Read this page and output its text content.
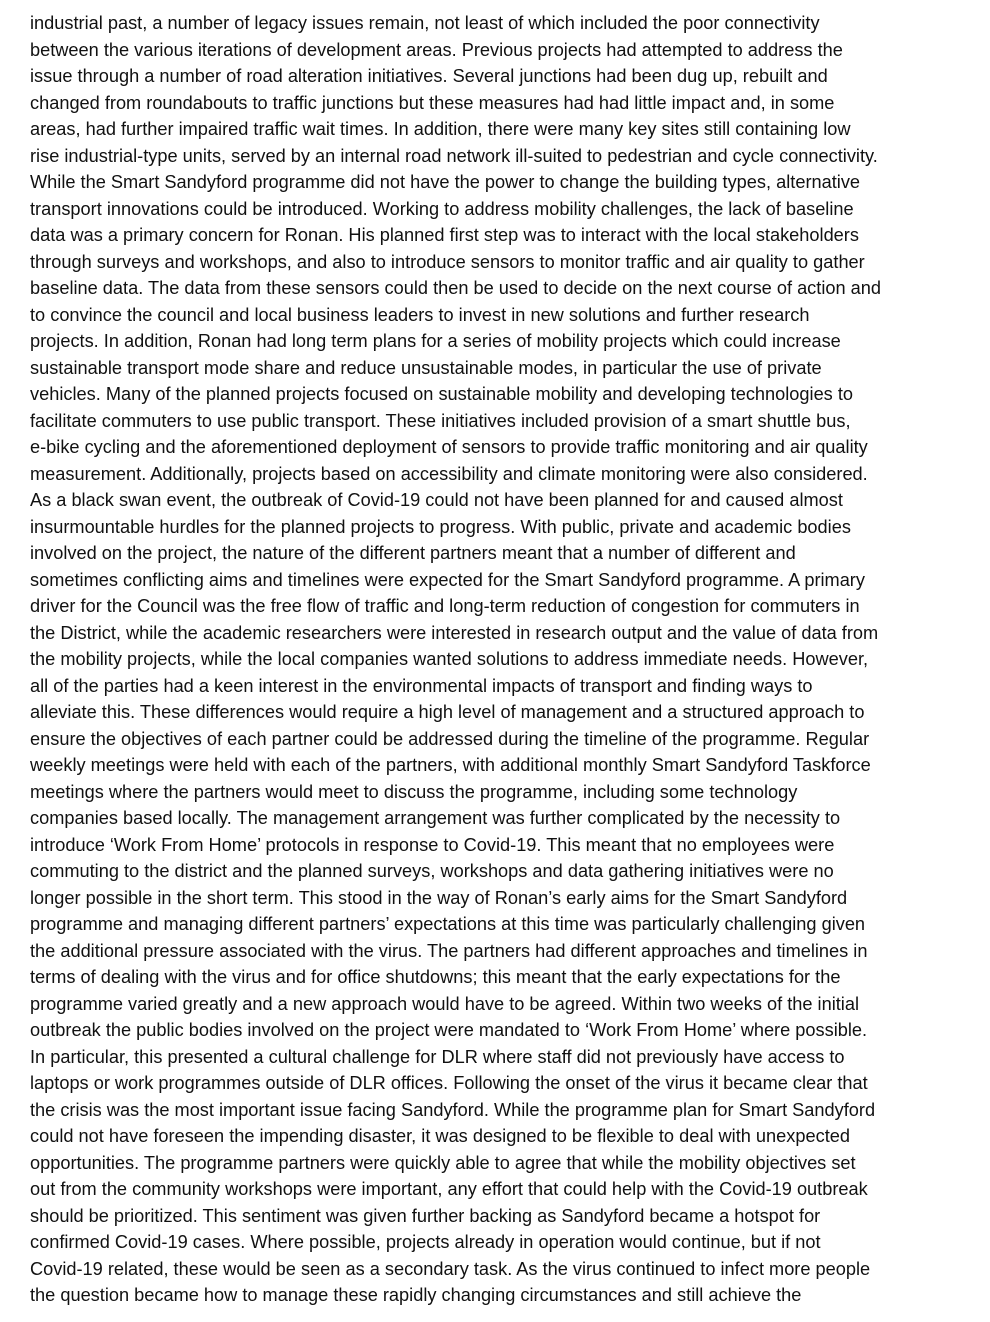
industrial past, a number of legacy issues remain, not least of which included the poor connectivity
between the various iterations of development areas. Previous projects had attempted to address the
issue through a number of road alteration initiatives. Several junctions had been dug up, rebuilt and
changed from roundabouts to traffic junctions but these measures had had little impact and, in some
areas, had further impaired traffic wait times. In addition, there were many key sites still containing low
rise industrial-type units, served by an internal road network ill-suited to pedestrian and cycle connectivity.
While the Smart Sandyford programme did not have the power to change the building types, alternative
transport innovations could be introduced. Working to address mobility challenges, the lack of baseline
data was a primary concern for Ronan. His planned first step was to interact with the local stakeholders
through surveys and workshops, and also to introduce sensors to monitor traffic and air quality to gather
baseline data. The data from these sensors could then be used to decide on the next course of action and
to convince the council and local business leaders to invest in new solutions and further research
projects. In addition, Ronan had long term plans for a series of mobility projects which could increase
sustainable transport mode share and reduce unsustainable modes, in particular the use of private
vehicles. Many of the planned projects focused on sustainable mobility and developing technologies to
facilitate commuters to use public transport. These initiatives included provision of a smart shuttle bus,
e-bike cycling and the aforementioned deployment of sensors to provide traffic monitoring and air quality
measurement. Additionally, projects based on accessibility and climate monitoring were also considered.
As a black swan event, the outbreak of Covid-19 could not have been planned for and caused almost
insurmountable hurdles for the planned projects to progress. With public, private and academic bodies
involved on the project, the nature of the different partners meant that a number of different and
sometimes conflicting aims and timelines were expected for the Smart Sandyford programme. A primary
driver for the Council was the free flow of traffic and long-term reduction of congestion for commuters in
the District, while the academic researchers were interested in research output and the value of data from
the mobility projects, while the local companies wanted solutions to address immediate needs. However,
all of the parties had a keen interest in the environmental impacts of transport and finding ways to
alleviate this. These differences would require a high level of management and a structured approach to
ensure the objectives of each partner could be addressed during the timeline of the programme. Regular
weekly meetings were held with each of the partners, with additional monthly Smart Sandyford Taskforce
meetings where the partners would meet to discuss the programme, including some technology
companies based locally. The management arrangement was further complicated by the necessity to
introduce ‘Work From Home’ protocols in response to Covid-19. This meant that no employees were
commuting to the district and the planned surveys, workshops and data gathering initiatives were no
longer possible in the short term. This stood in the way of Ronan’s early aims for the Smart Sandyford
programme and managing different partners’ expectations at this time was particularly challenging given
the additional pressure associated with the virus. The partners had different approaches and timelines in
terms of dealing with the virus and for office shutdowns; this meant that the early expectations for the
programme varied greatly and a new approach would have to be agreed. Within two weeks of the initial
outbreak the public bodies involved on the project were mandated to ‘Work From Home’ where possible.
In particular, this presented a cultural challenge for DLR where staff did not previously have access to
laptops or work programmes outside of DLR offices. Following the onset of the virus it became clear that
the crisis was the most important issue facing Sandyford. While the programme plan for Smart Sandyford
could not have foreseen the impending disaster, it was designed to be flexible to deal with unexpected
opportunities. The programme partners were quickly able to agree that while the mobility objectives set
out from the community workshops were important, any effort that could help with the Covid-19 outbreak
should be prioritized. This sentiment was given further backing as Sandyford became a hotspot for
confirmed Covid-19 cases. Where possible, projects already in operation would continue, but if not
Covid-19 related, these would be seen as a secondary task. As the virus continued to infect more people
the question became how to manage these rapidly changing circumstances and still achieve the
